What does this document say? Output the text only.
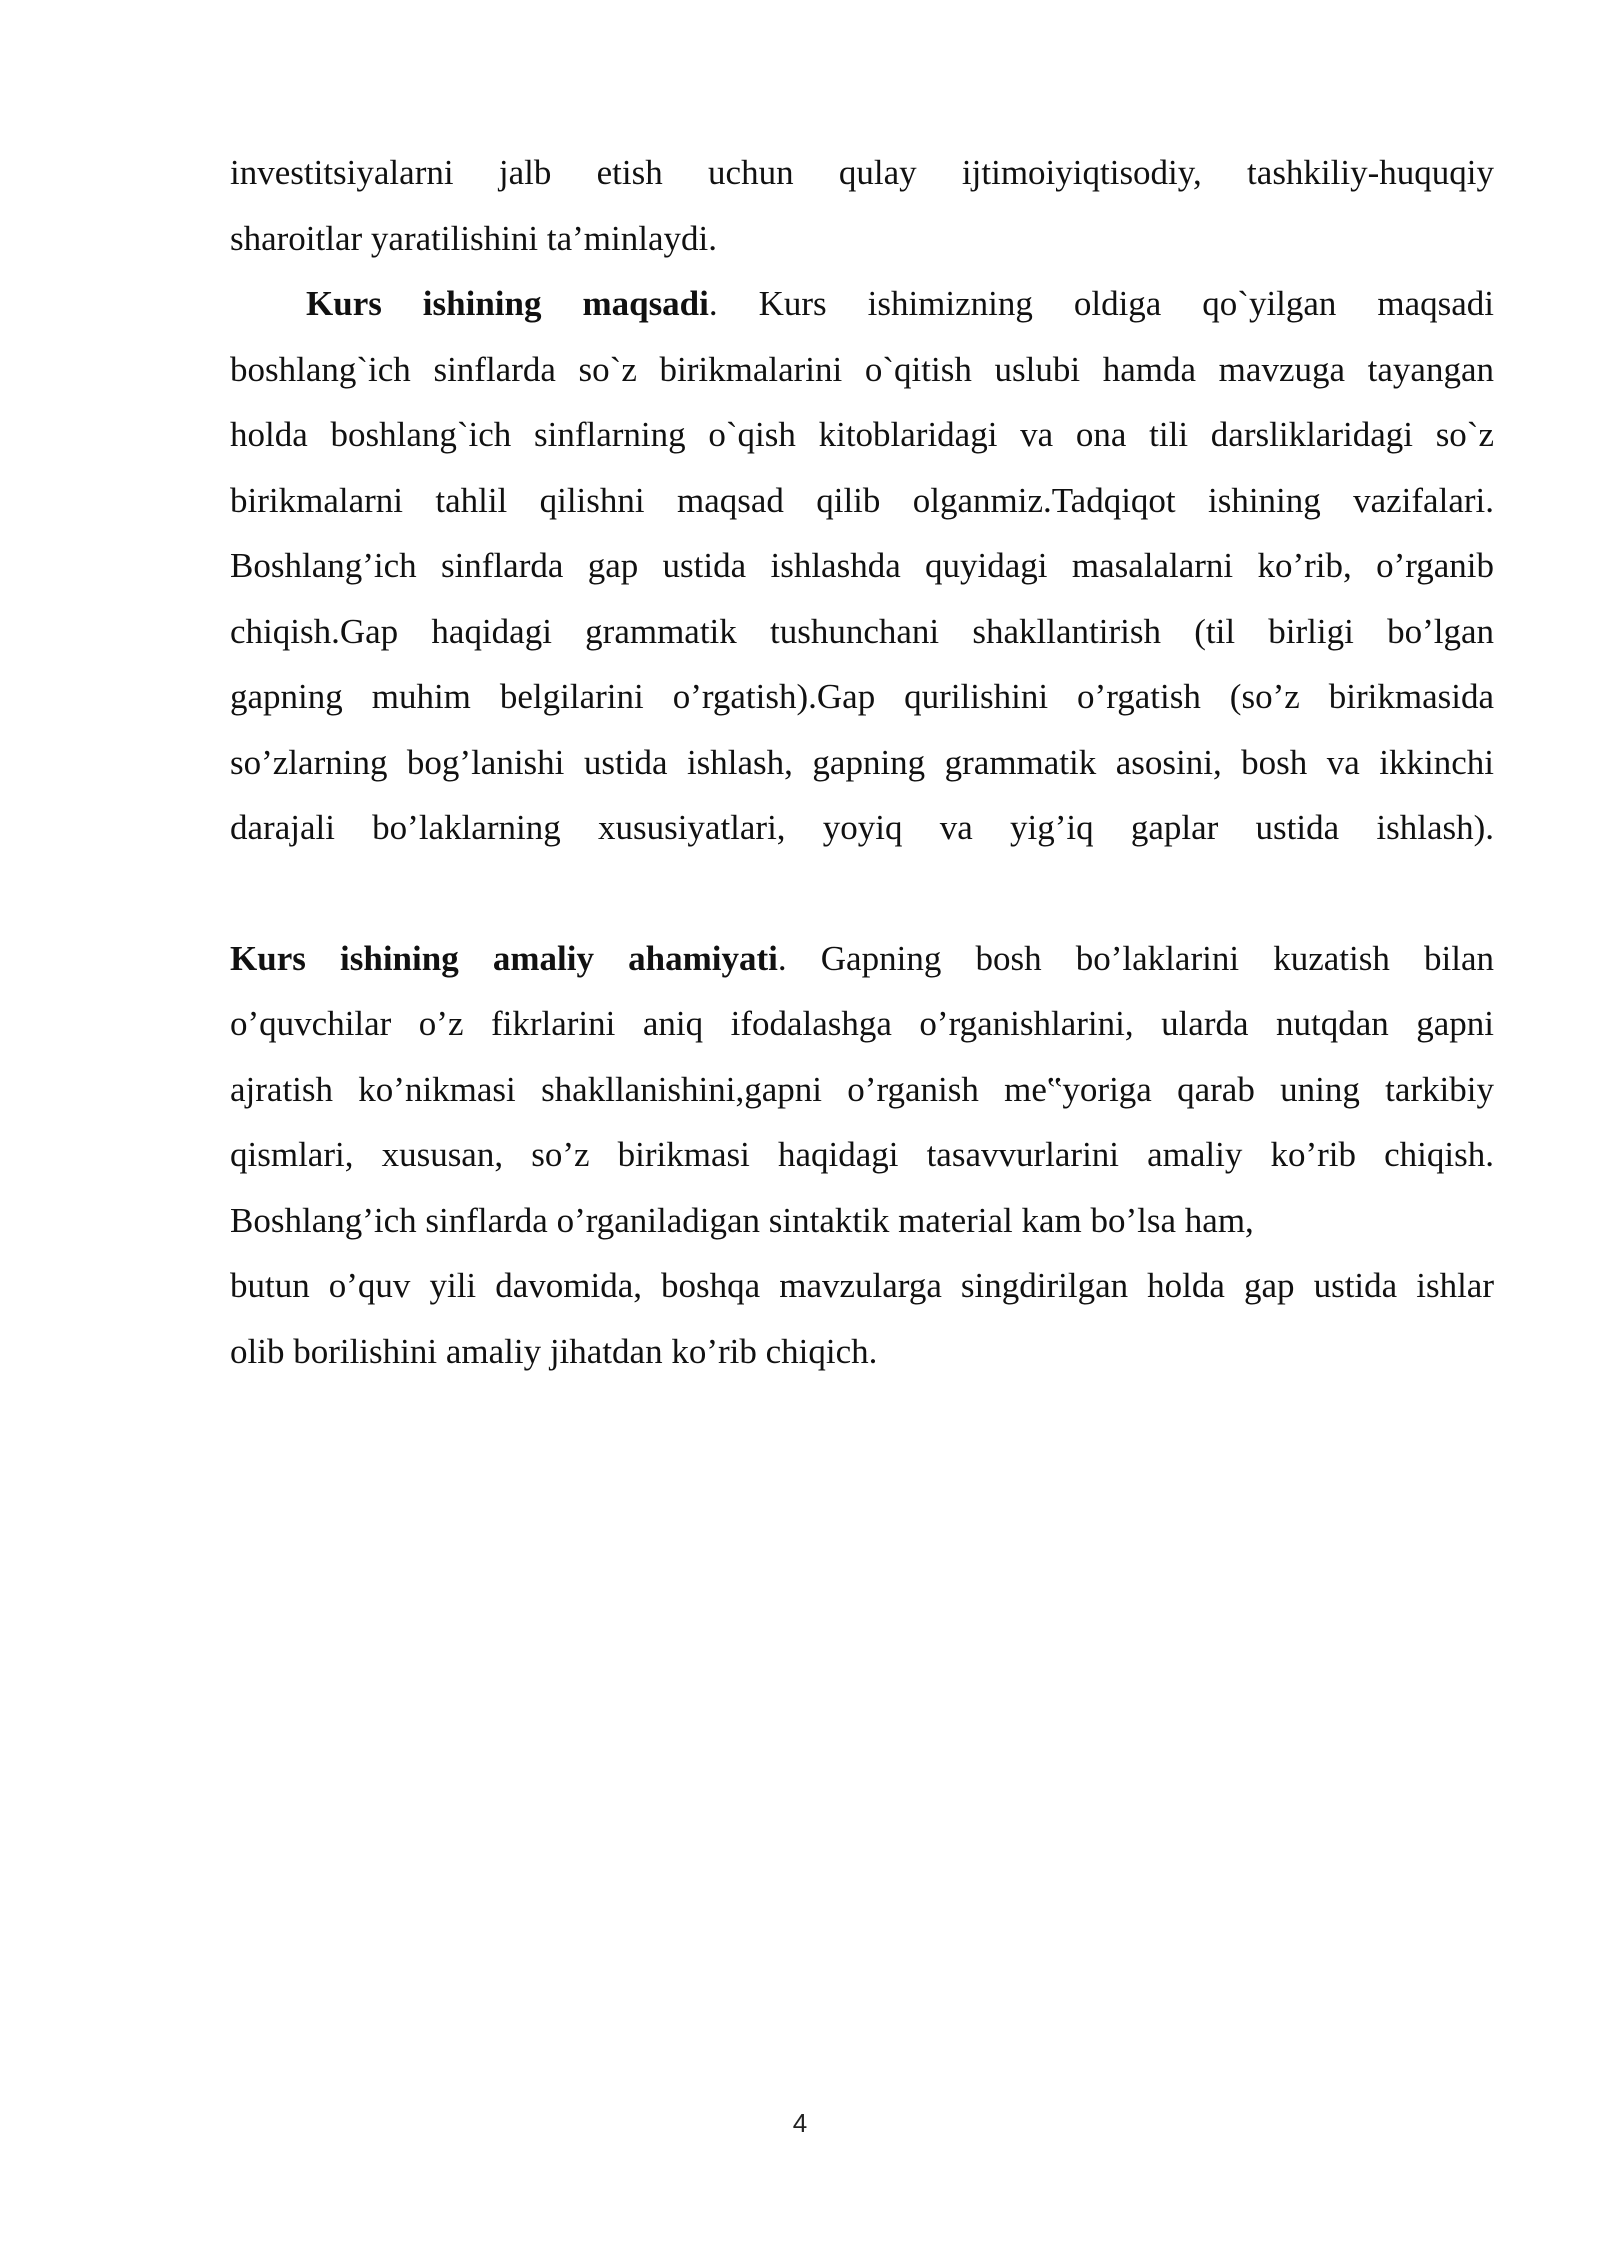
investitsiyalarni jalb etish uchun qulay ijtimoiyiqtisodiy, tashkiliy-huquqiy

sharoitlar yaratilishini ta’minlaydi.

Kurs ishining maqsadi. Kurs ishimizning oldiga qo`yilgan maqsadi

boshlang`ich sinflarda so`z birikmalarini o`qitish uslubi hamda mavzuga tayangan

holda boshlang`ich sinflarning o`qish kitoblaridagi va ona tili darsliklaridagi so`z

birikmalarni tahlil qilishni maqsad qilib olganmiz.Tadqiqot ishining vazifalari.

Boshlang’ich sinflarda gap ustida ishlashda quyidagi masalalarni ko’rib, o’rganib

chiqish.Gap haqidagi grammatik tushunchani shakllantirish (til birligi bo’lgan

gapning muhim belgilarini o’rgatish).Gap qurilishini o’rgatish (so’z birikmasida

so’zlarning bog’lanishi ustida ishlash, gapning grammatik asosini, bosh va ikkinchi

darajali bo’laklarning xususiyatlari, yoyiq va yig’iq gaplar ustida ishlash).

Kurs ishining amaliy ahamiyati. Gapning bosh bo’laklarini kuzatish bilan

o’quvchilar o’z fikrlarini aniq ifodalashga o’rganishlarini, ularda nutqdan gapni

ajratish ko’nikmasi shakllanishini,gapni o’rganish me‟yoriga qarab uning tarkibiy

qismlari, xususan, so’z birikmasi haqidagi tasavvurlarini amaliy ko’rib chiqish.

Boshlang’ich sinflarda o’rganiladigan sintaktik material kam bo’lsa ham,

butun o’quv yili davomida, boshqa mavzularga singdirilgan holda gap ustida ishlar

olib borilishini amaliy jihatdan ko’rib chiqich.

4
